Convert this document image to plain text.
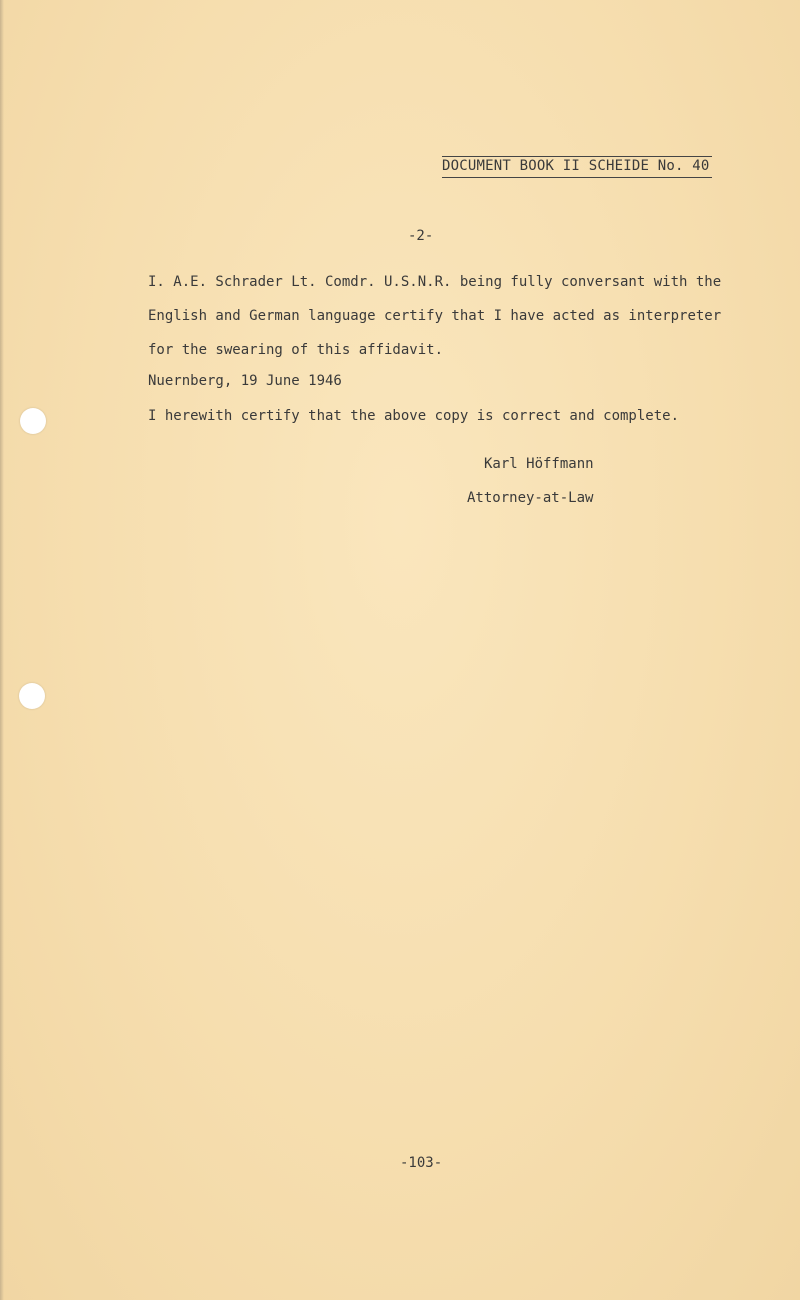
DOCUMENT BOOK II SCHEIDE No. 40
-2-
I. A.E. Schrader Lt. Comdr. U.S.N.R. being fully conversant with the
English and German language certify that I have acted as interpreter
for the swearing of this affidavit.
Nuernberg, 19 June 1946
I herewith certify that the above copy is correct and complete.
Karl Höffmann
Attorney-at-Law
-103-
